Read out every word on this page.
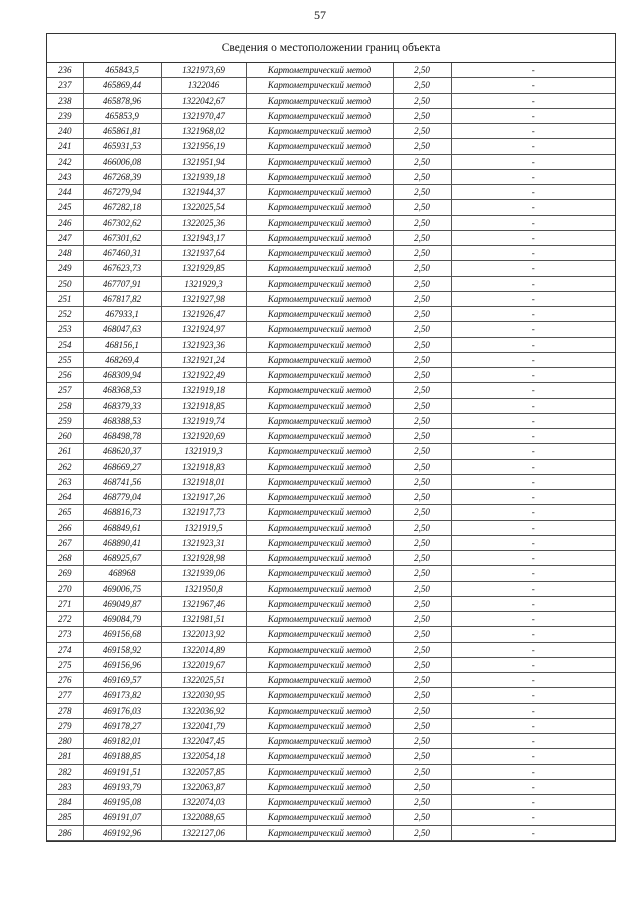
57
Сведения о местоположении границ объекта
236	465843,5	1321973,69	Картометрический метод	2,50	-
237	465869,44	1322046	Картометрический метод	2,50	-
238	465878,96	1322042,67	Картометрический метод	2,50	-
239	465853,9	1321970,47	Картометрический метод	2,50	-
240	465861,81	1321968,02	Картометрический метод	2,50	-
241	465931,53	1321956,19	Картометрический метод	2,50	-
242	466006,08	1321951,94	Картометрический метод	2,50	-
243	467268,39	1321939,18	Картометрический метод	2,50	-
244	467279,94	1321944,37	Картометрический метод	2,50	-
245	467282,18	1322025,54	Картометрический метод	2,50	-
246	467302,62	1322025,36	Картометрический метод	2,50	-
247	467301,62	1321943,17	Картометрический метод	2,50	-
248	467460,31	1321937,64	Картометрический метод	2,50	-
249	467623,73	1321929,85	Картометрический метод	2,50	-
250	467707,91	1321929,3	Картометрический метод	2,50	-
251	467817,82	1321927,98	Картометрический метод	2,50	-
252	467933,1	1321926,47	Картометрический метод	2,50	-
253	468047,63	1321924,97	Картометрический метод	2,50	-
254	468156,1	1321923,36	Картометрический метод	2,50	-
255	468269,4	1321921,24	Картометрический метод	2,50	-
256	468309,94	1321922,49	Картометрический метод	2,50	-
257	468368,53	1321919,18	Картометрический метод	2,50	-
258	468379,33	1321918,85	Картометрический метод	2,50	-
259	468388,53	1321919,74	Картометрический метод	2,50	-
260	468498,78	1321920,69	Картометрический метод	2,50	-
261	468620,37	1321919,3	Картометрический метод	2,50	-
262	468669,27	1321918,83	Картометрический метод	2,50	-
263	468741,56	1321918,01	Картометрический метод	2,50	-
264	468779,04	1321917,26	Картометрический метод	2,50	-
265	468816,73	1321917,73	Картометрический метод	2,50	-
266	468849,61	1321919,5	Картометрический метод	2,50	-
267	468890,41	1321923,31	Картометрический метод	2,50	-
268	468925,67	1321928,98	Картометрический метод	2,50	-
269	468968	1321939,06	Картометрический метод	2,50	-
270	469006,75	1321950,8	Картометрический метод	2,50	-
271	469049,87	1321967,46	Картометрический метод	2,50	-
272	469084,79	1321981,51	Картометрический метод	2,50	-
273	469156,68	1322013,92	Картометрический метод	2,50	-
274	469158,92	1322014,89	Картометрический метод	2,50	-
275	469156,96	1322019,67	Картометрический метод	2,50	-
276	469169,57	1322025,51	Картометрический метод	2,50	-
277	469173,82	1322030,95	Картометрический метод	2,50	-
278	469176,03	1322036,92	Картометрический метод	2,50	-
279	469178,27	1322041,79	Картометрический метод	2,50	-
280	469182,01	1322047,45	Картометрический метод	2,50	-
281	469188,85	1322054,18	Картометрический метод	2,50	-
282	469191,51	1322057,85	Картометрический метод	2,50	-
283	469193,79	1322063,87	Картометрический метод	2,50	-
284	469195,08	1322074,03	Картометрический метод	2,50	-
285	469191,07	1322088,65	Картометрический метод	2,50	-
286	469192,96	1322127,06	Картометрический метод	2,50	-
